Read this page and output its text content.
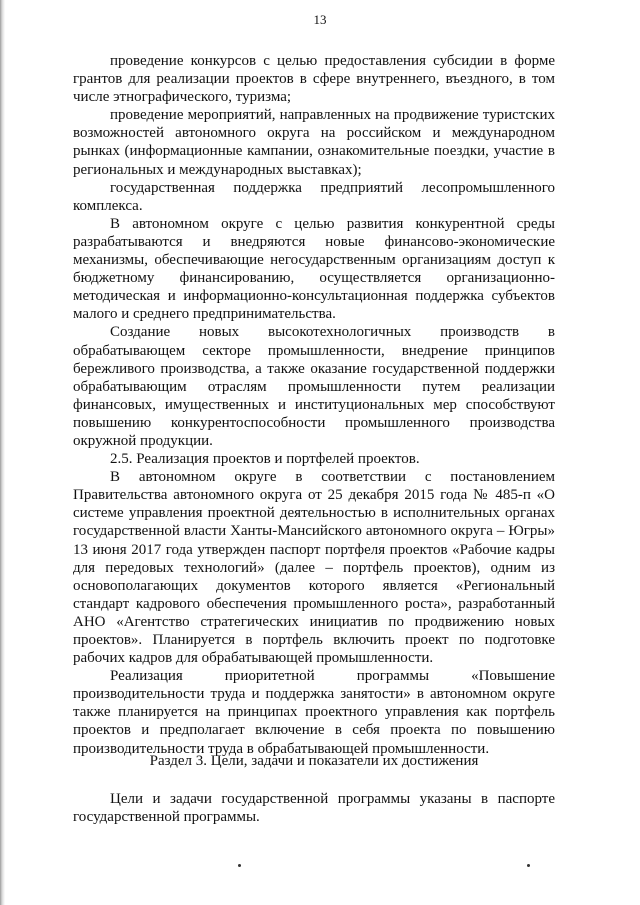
13

проведение конкурсов с целью предоставления субсидии в форме грантов для реализации проектов в сфере внутреннего, въездного, в том числе этнографического, туризма;

проведение мероприятий, направленных на продвижение туристских возможностей автономного округа на российском и международном рынках (информационные кампании, ознакомительные поездки, участие в региональных и международных выставках);

государственная поддержка предприятий лесопромышленного комплекса.

В автономном округе с целью развития конкурентной среды разрабатываются и внедряются новые финансово-экономические механизмы, обеспечивающие негосударственным организациям доступ к бюджетному финансированию, осуществляется организационно-методическая и информационно-консультационная поддержка субъектов малого и среднего предпринимательства.

Создание новых высокотехнологичных производств в обрабатывающем секторе промышленности, внедрение принципов бережливого производства, а также оказание государственной поддержки обрабатывающим отраслям промышленности путем реализации финансовых, имущественных и институциональных мер способствуют повышению конкурентоспособности промышленного производства окружной продукции.

2.5. Реализация проектов и портфелей проектов.

В автономном округе в соответствии с постановлением Правительства автономного округа от 25 декабря 2015 года № 485-п «О системе управления проектной деятельностью в исполнительных органах государственной власти Ханты-Мансийского автономного округа – Югры» 13 июня 2017 года утвержден паспорт портфеля проектов «Рабочие кадры для передовых технологий» (далее – портфель проектов), одним из основополагающих документов которого является «Региональный стандарт кадрового обеспечения промышленного роста», разработанный АНО «Агентство стратегических инициатив по продвижению новых проектов». Планируется в портфель включить проект по подготовке рабочих кадров для обрабатывающей промышленности.

Реализация приоритетной программы «Повышение производительности труда и поддержка занятости» в автономном округе также планируется на принципах проектного управления как портфель проектов и предполагает включение в себя проекта по повышению производительности труда в обрабатывающей промышленности.

Раздел 3. Цели, задачи и показатели их достижения

Цели и задачи государственной программы указаны в паспорте государственной программы.
